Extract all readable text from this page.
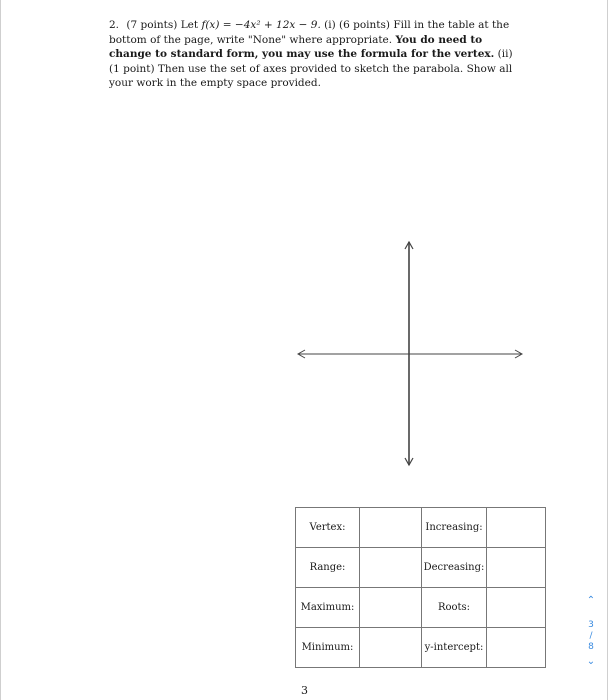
2. (7 points) Let f(x) = −4x² + 12x − 9. (i) (6 points) Fill in the table at the bottom of the page, write "None" where appropriate. You do need to change to standard form, you may use the formula for the vertex. (ii) (1 point) Then use the set of axes provided to sketch the parabola. Show all your work in the empty space provided.
Vertex:		Increasing:	
Range:		Decreasing:	
Maximum:		Roots:	
Minimum:		y-intercept:	
3
⌃
3
/
8
⌄
